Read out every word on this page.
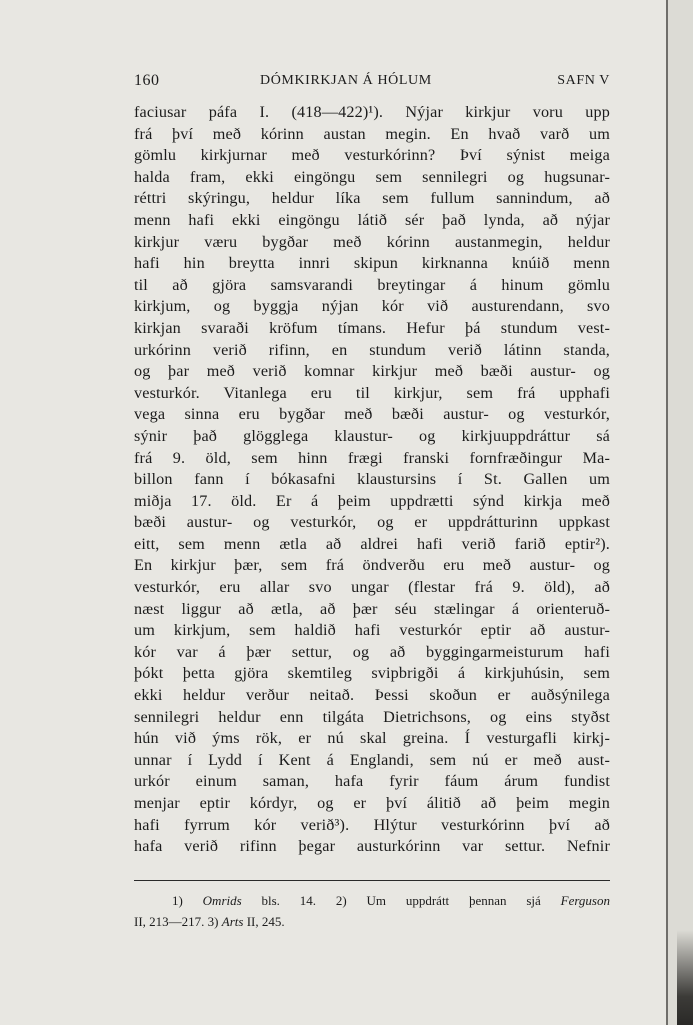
160	DÓMKIRKJAN Á HÓLUM	SAFN V
faciusar páfa I. (418—422)¹). Nýjar kirkjur voru upp
frá því með kórinn austan megin. En hvað varð um
gömlu kirkjurnar með vesturkórinn? Því sýnist meiga
halda fram, ekki eingöngu sem sennilegri og hugsunar-
réttri skýringu, heldur líka sem fullum sannindum, að
menn hafi ekki eingöngu látið sér það lynda, að nýjar
kirkjur væru bygðar með kórinn austanmegin, heldur
hafi hin breytta innri skipun kirknanna knúið menn
til að gjöra samsvarandi breytingar á hinum gömlu
kirkjum, og byggja nýjan kór við austurendann, svo
kirkjan svaraði kröfum tímans. Hefur þá stundum vest-
urkórinn verið rifinn, en stundum verið látinn standa,
og þar með verið komnar kirkjur með bæði austur- og
vesturkór. Vitanlega eru til kirkjur, sem frá upphafi
vega sinna eru bygðar með bæði austur- og vesturkór,
sýnir það glögglega klaustur- og kirkjuuppdráttur sá
frá 9. öld, sem hinn frægi franski fornfræðingur Ma-
billon fann í bókasafni klaustursins í St. Gallen um
miðja 17. öld. Er á þeim uppdrætti sýnd kirkja með
bæði austur- og vesturkór, og er uppdrátturinn uppkast
eitt, sem menn ætla að aldrei hafi verið farið eptir²).
En kirkjur þær, sem frá öndverðu eru með austur- og
vesturkór, eru allar svo ungar (flestar frá 9. öld), að
næst liggur að ætla, að þær séu stælingar á orienteruð-
um kirkjum, sem haldið hafi vesturkór eptir að austur-
kór var á þær settur, og að byggingarmeisturum hafi
þókt þetta gjöra skemtileg svipbrigði á kirkjuhúsin, sem
ekki heldur verður neitað. Þessi skoðun er auðsýnilega
sennilegri heldur enn tilgáta Dietrichsons, og eins styðst
hún við ýms rök, er nú skal greina. Í vesturgafli kirkj-
unnar í Lydd í Kent á Englandi, sem nú er með aust-
urkór einum saman, hafa fyrir fáum árum fundist
menjar eptir kórdyr, og er því álitið að þeim megin
hafi fyrrum kór verið³). Hlýtur vesturkórinn því að
hafa verið rifinn þegar austurkórinn var settur. Nefnir
1) Omrids bls. 14. 2) Um uppdrátt þennan sjá Ferguson
II, 213—217. 3) Arts II, 245.
